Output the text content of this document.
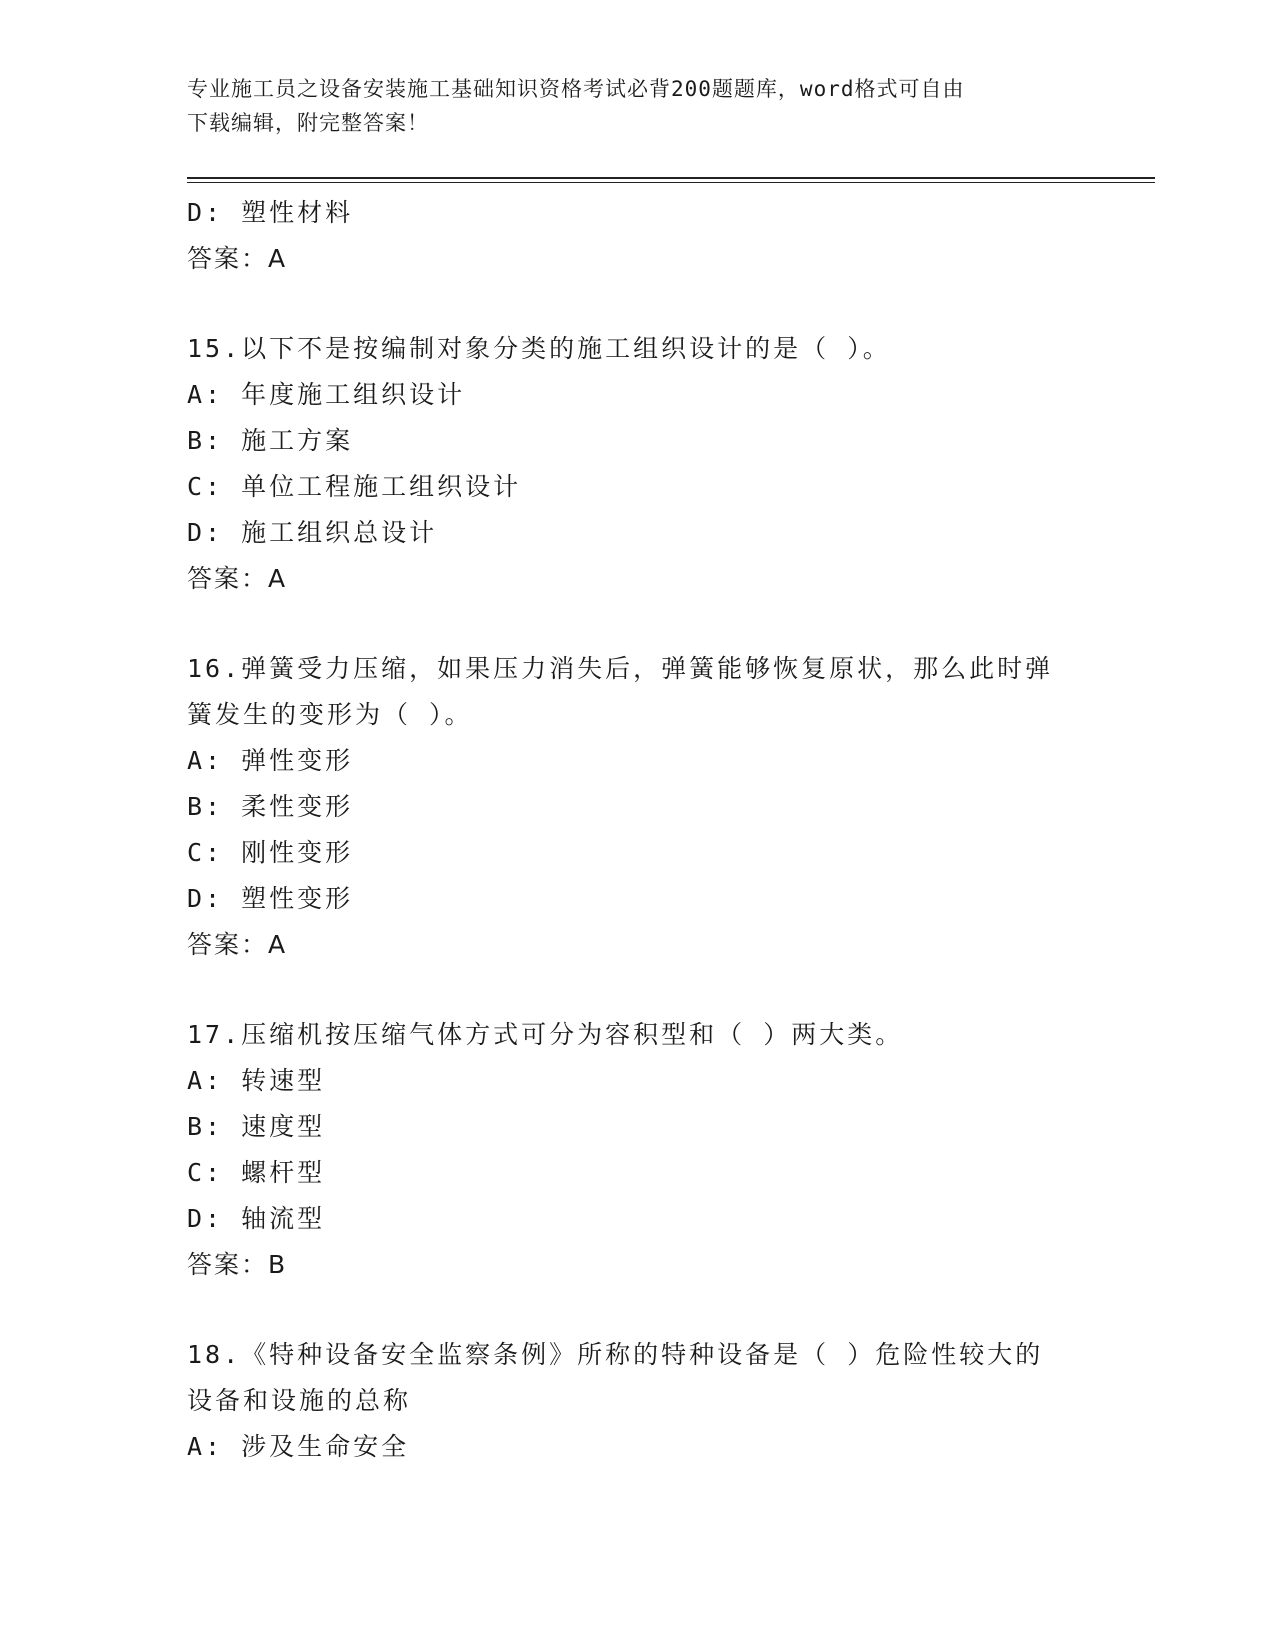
专业施工员之设备安装施工基础知识资格考试必背200题题库，word格式可自由
下载编辑，附完整答案！
D: 塑性材料
答案：A
15.以下不是按编制对象分类的施工组织设计的是（ ）。
A: 年度施工组织设计
B: 施工方案
C: 单位工程施工组织设计
D: 施工组织总设计
答案：A
16.弹簧受力压缩，如果压力消失后，弹簧能够恢复原状，那么此时弹
簧发生的变形为（ ）。
A: 弹性变形
B: 柔性变形
C: 刚性变形
D: 塑性变形
答案：A
17.压缩机按压缩气体方式可分为容积型和（ ）两大类。
A: 转速型
B: 速度型
C: 螺杆型
D: 轴流型
答案：B
18.《特种设备安全监察条例》所称的特种设备是（ ）危险性较大的
设备和设施的总称
A: 涉及生命安全
